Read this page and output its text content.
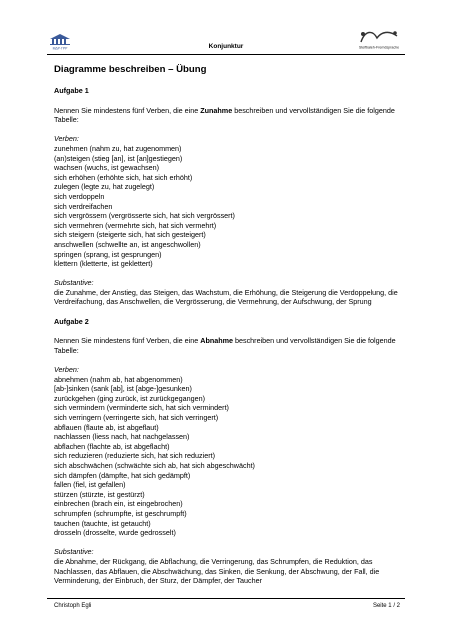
ΜΔΡ·ΓΡΡ	Konjunktur	Steifbaleh-Fremdsprache
Diagramme beschreiben – Übung
Aufgabe 1

Nennen Sie mindestens fünf Verben, die eine Zunahme beschreiben und vervollständigen Sie die folgende Tabelle:

Verben:

zunehmen (nahm zu, hat zugenommen)
(an)steigen (stieg [an], ist [an]gestiegen)
wachsen (wuchs, ist gewachsen)
sich erhöhen (erhöhte sich, hat sich erhöht)
zulegen (legte zu, hat zugelegt)
sich verdoppeln
sich verdreifachen
sich vergrössern (vergrösserte sich, hat sich vergrössert)
sich vermehren (vermehrte sich, hat sich vermehrt)
sich steigern (steigerte sich, hat sich gesteigert)
anschwellen (schwellte an, ist angeschwollen)
springen (sprang, ist gesprungen)
klettern (kletterte, ist geklettert)

Substantive:

die Zunahme, der Anstieg, das Steigen, das Wachstum, die Erhöhung, die Steigerung die Verdoppelung, die Verdreifachung, das Anschwellen, die Vergrösserung, die Vermehrung, der Aufschwung, der Sprung

Aufgabe 2

Nennen Sie mindestens fünf Verben, die eine Abnahme beschreiben und vervollständigen Sie die folgende Tabelle:

Verben:

abnehmen (nahm ab, hat abgenommen)
[ab-]sinken (sank [ab], ist [abge-]gesunken)
zurückgehen (ging zurück, ist zurückgegangen)
sich vermindern (verminderte sich, hat sich vermindert)
sich verringern (verringerte sich, hat sich verringert)
abflauen (flaute ab, ist abgeflaut)
nachlassen (liess nach, hat nachgelassen)
abflachen (flachte ab, ist abgeflacht)
sich reduzieren (reduzierte sich, hat sich reduziert)
sich abschwächen (schwächte sich ab, hat sich abgeschwächt)
sich dämpfen (dämpfte, hat sich gedämpft)
fallen (fiel, ist gefallen)
stürzen (stürzte, ist gestürzt)
einbrechen (brach ein, ist eingebrochen)
schrumpfen (schrumpfte, ist geschrumpft)
tauchen (tauchte, ist getaucht)
drosseln (drosselte, wurde gedrosselt)

Substantive:

die Abnahme, der Rückgang, die Abflachung, die Verringerung, das Schrumpfen, die Reduktion, das Nachlassen, das Abflauen, die Abschwächung, das Sinken, die Senkung, der Abschwung, der Fall, die Verminderung, der Einbruch, der Sturz, der Dämpfer, der Taucher

Christoph Egli	Seite 1 / 2
